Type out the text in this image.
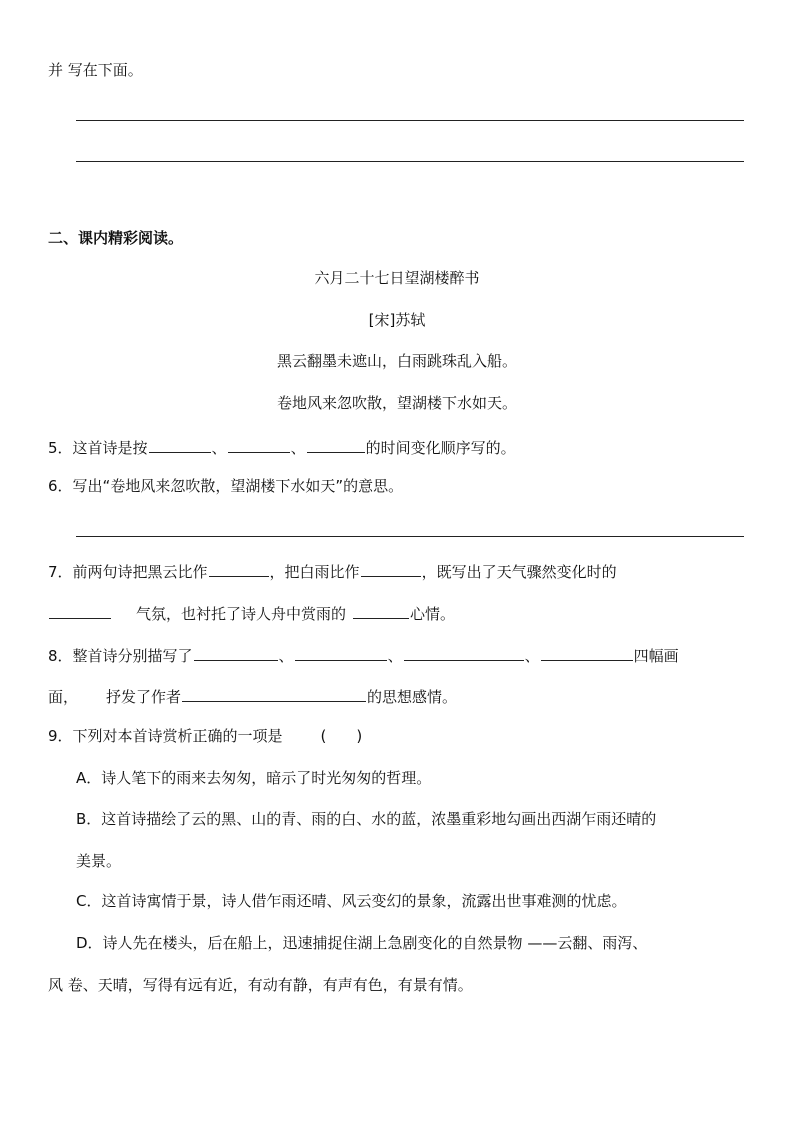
并 写在下面。
二、课内精彩阅读。
六月二十七日望湖楼醉书
[宋]苏轼
黑云翻墨未遮山，白雨跳珠乱入船。
卷地风来忽吹散，望湖楼下水如天。
5．这首诗是按	、	、	的时间变化顺序写的。
6．写出“卷地风来忽吹散，望湖楼下水如天”的意思。
7．前两句诗把黑云比作	，把白雨比作	，既写出了天气骤然变化时的
气氛，也衬托了诗人舟中赏雨的	心情。
8．整首诗分别描写了	、	、	、	四幅画
面， 抒发了作者	的思想感情。
9．下列对本首诗赏析正确的一项是	(　　)
A．诗人笔下的雨来去匆匆，暗示了时光匆匆的哲理。
B．这首诗描绘了云的黑、山的青、雨的白、水的蓝，浓墨重彩地勾画出西湖乍雨还晴的
美景。
C．这首诗寓情于景，诗人借乍雨还晴、风云变幻的景象，流露出世事难测的忧虑。
D．诗人先在楼头，后在船上，迅速捕捉住湖上急剧变化的自然景物 ——云翻、雨泻、
风 卷、天晴，写得有远有近，有动有静，有声有色，有景有情。
